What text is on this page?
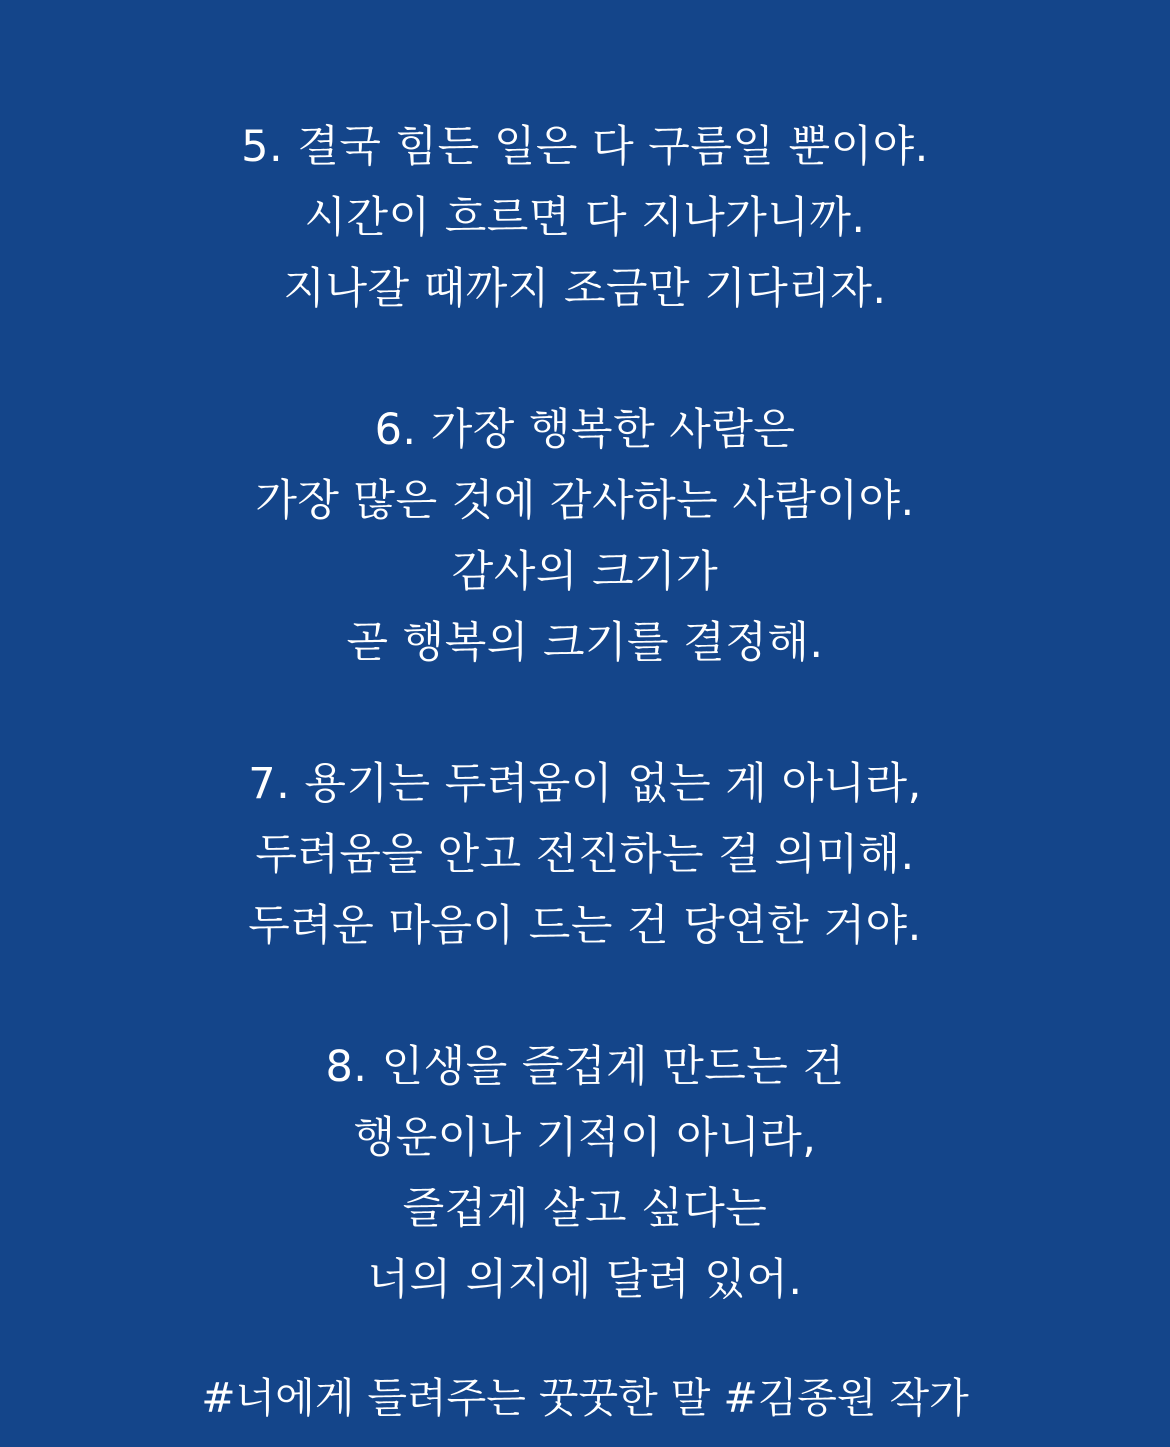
5. 결국 힘든 일은 다 구름일 뿐이야.
시간이 흐르면 다 지나가니까.
지나갈 때까지 조금만 기다리자.
6. 가장 행복한 사람은
가장 많은 것에 감사하는 사람이야.
감사의 크기가
곧 행복의 크기를 결정해.
7. 용기는 두려움이 없는 게 아니라,
두려움을 안고 전진하는 걸 의미해.
두려운 마음이 드는 건 당연한 거야.
8. 인생을 즐겁게 만드는 건
행운이나 기적이 아니라,
즐겁게 살고 싶다는
너의 의지에 달려 있어.
#너에게 들려주는 꿋꿋한 말 #김종원 작가
